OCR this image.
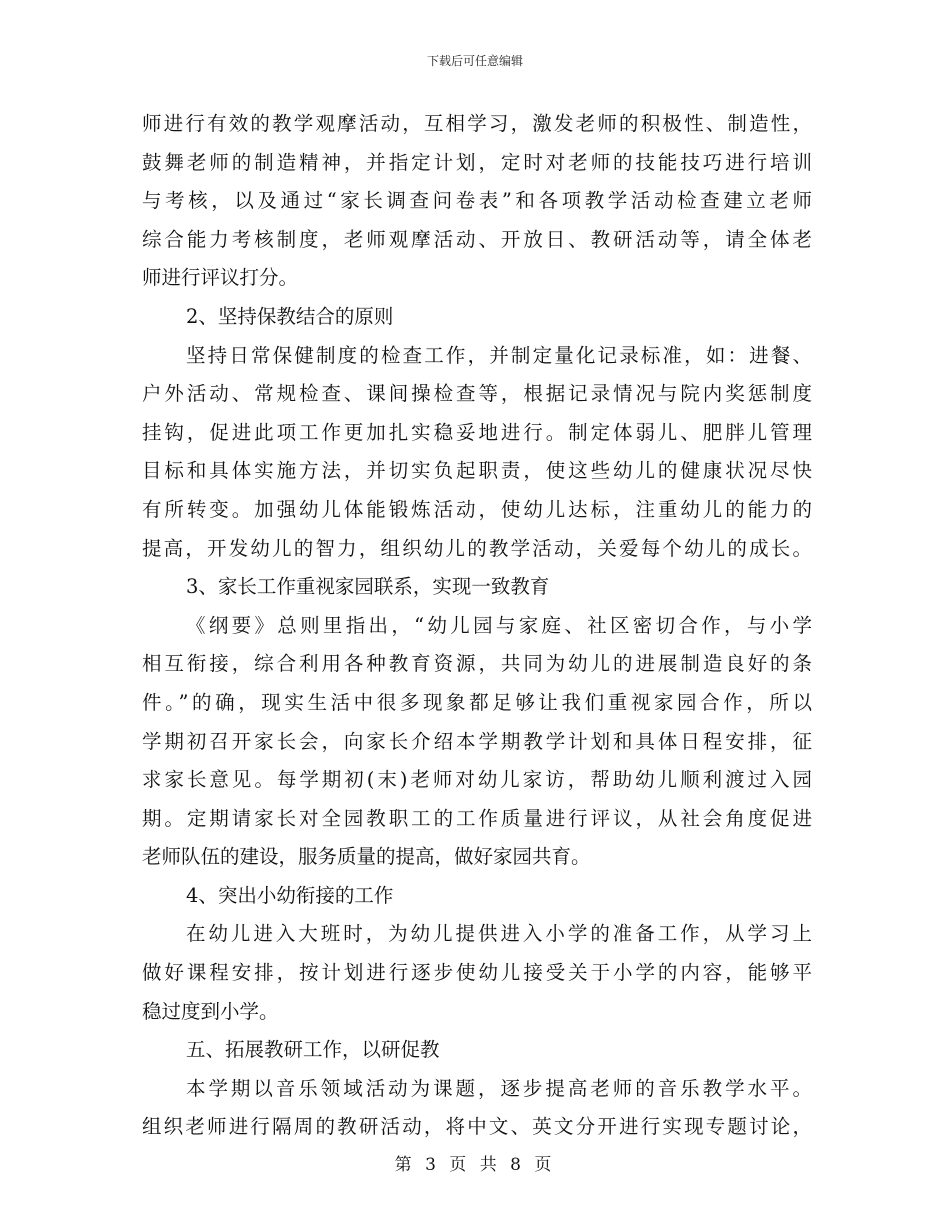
下载后可任意编辑
师进行有效的教学观摩活动，互相学习，激发老师的积极性、制造性，
鼓舞老师的制造精神，并指定计划，定时对老师的技能技巧进行培训
与考核，以及通过“家长调查问卷表”和各项教学活动检查建立老师
综合能力考核制度，老师观摩活动、开放日、教研活动等，请全体老
师进行评议打分。
2、坚持保教结合的原则
坚持日常保健制度的检查工作，并制定量化记录标准，如：进餐、
户外活动、常规检查、课间操检查等，根据记录情况与院内奖惩制度
挂钩，促进此项工作更加扎实稳妥地进行。制定体弱儿、肥胖儿管理
目标和具体实施方法，并切实负起职责，使这些幼儿的健康状况尽快
有所转变。加强幼儿体能锻炼活动，使幼儿达标，注重幼儿的能力的
提高，开发幼儿的智力，组织幼儿的教学活动，关爱每个幼儿的成长。
3、家长工作重视家园联系，实现一致教育
《纲要》总则里指出，“幼儿园与家庭、社区密切合作，与小学
相互衔接，综合利用各种教育资源，共同为幼儿的进展制造良好的条
件。”的确，现实生活中很多现象都足够让我们重视家园合作，所以
学期初召开家长会，向家长介绍本学期教学计划和具体日程安排，征
求家长意见。每学期初(末)老师对幼儿家访，帮助幼儿顺利渡过入园
期。定期请家长对全园教职工的工作质量进行评议，从社会角度促进
老师队伍的建设，服务质量的提高，做好家园共育。
4、突出小幼衔接的工作
在幼儿进入大班时，为幼儿提供进入小学的准备工作，从学习上
做好课程安排，按计划进行逐步使幼儿接受关于小学的内容，能够平
稳过度到小学。
五、拓展教研工作，以研促教
本学期以音乐领域活动为课题，逐步提高老师的音乐教学水平。
组织老师进行隔周的教研活动，将中文、英文分开进行实现专题讨论，
第 3 页 共 8 页
